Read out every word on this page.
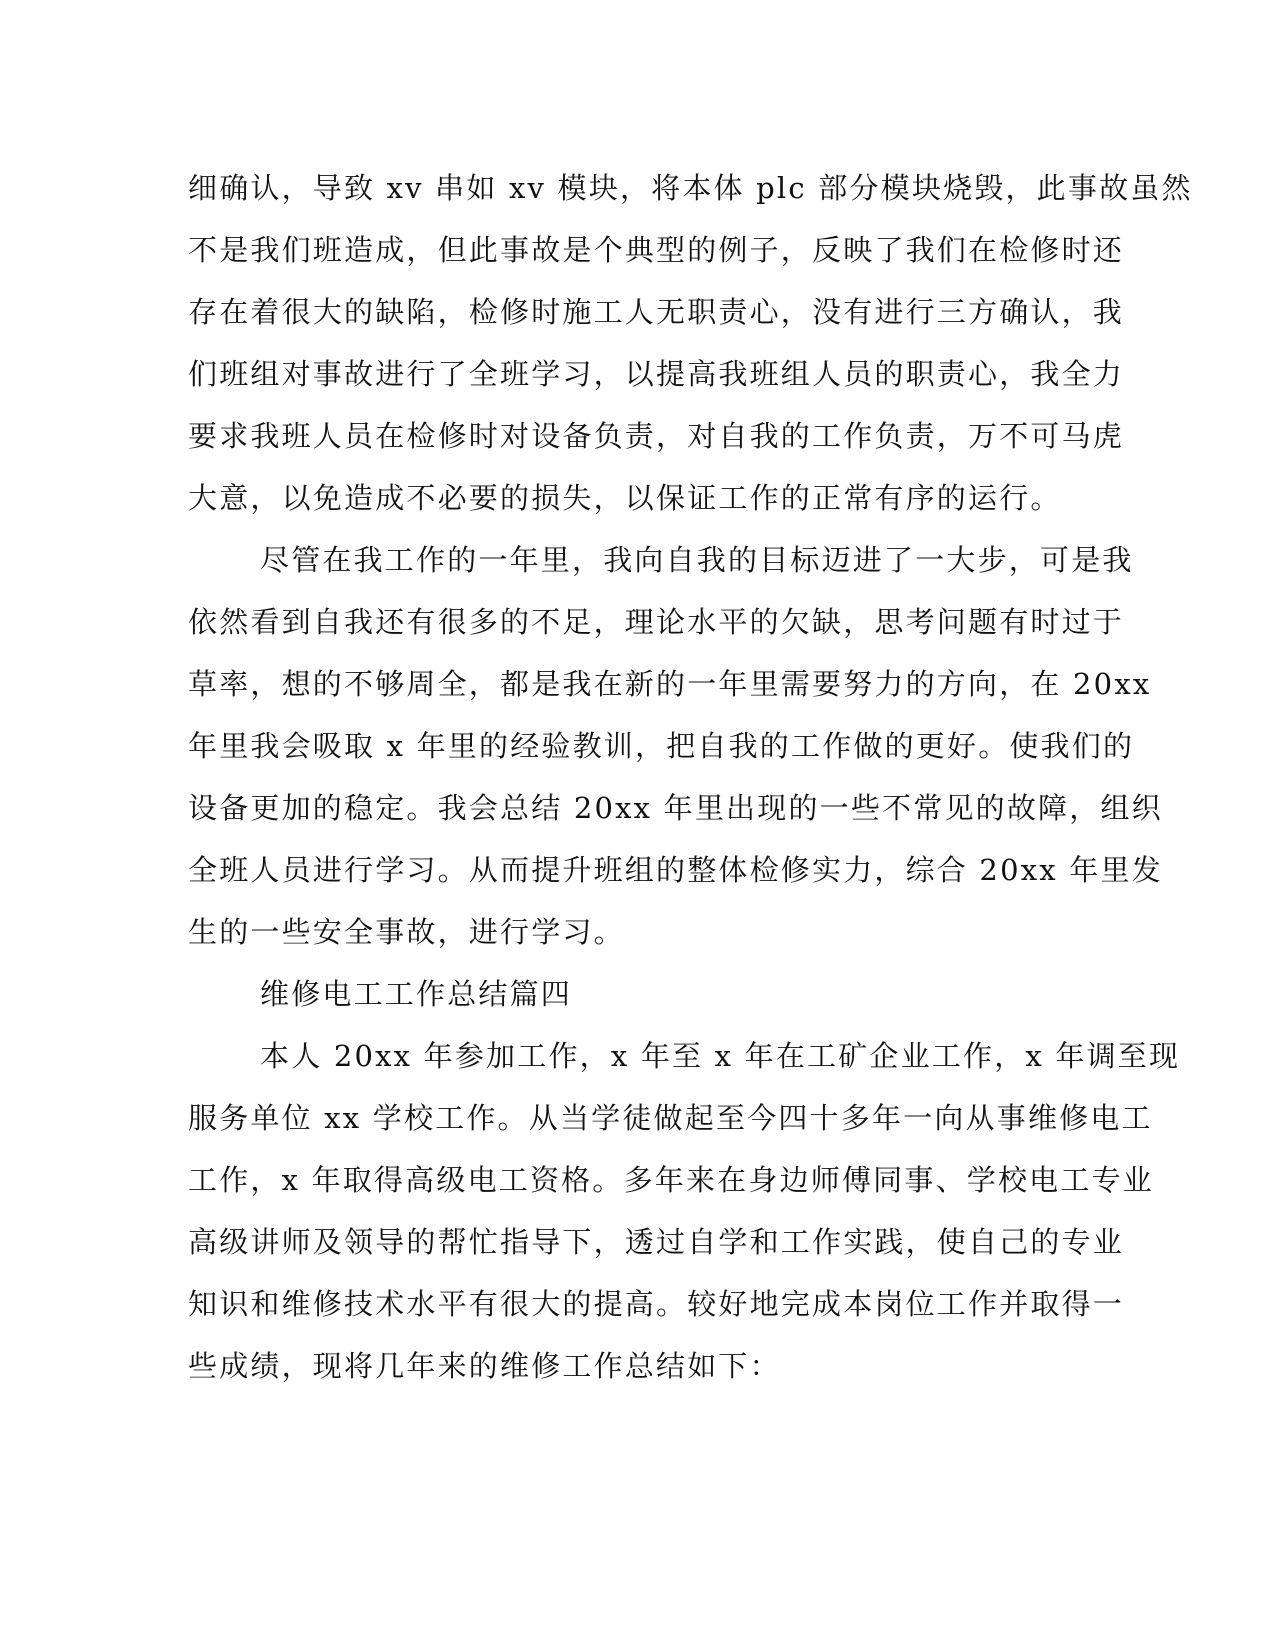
细确认，导致 xv 串如 xv 模块，将本体 plc 部分模块烧毁，此事故虽然
不是我们班造成，但此事故是个典型的例子，反映了我们在检修时还
存在着很大的缺陷，检修时施工人无职责心，没有进行三方确认，我
们班组对事故进行了全班学习，以提高我班组人员的职责心，我全力
要求我班人员在检修时对设备负责，对自我的工作负责，万不可马虎
大意，以免造成不必要的损失，以保证工作的正常有序的运行。
尽管在我工作的一年里，我向自我的目标迈进了一大步，可是我
依然看到自我还有很多的不足，理论水平的欠缺，思考问题有时过于
草率，想的不够周全，都是我在新的一年里需要努力的方向，在 20xx
年里我会吸取 x 年里的经验教训，把自我的工作做的更好。使我们的
设备更加的稳定。我会总结 20xx 年里出现的一些不常见的故障，组织
全班人员进行学习。从而提升班组的整体检修实力，综合 20xx 年里发
生的一些安全事故，进行学习。
维修电工工作总结篇四
本人 20xx 年参加工作，x 年至 x 年在工矿企业工作，x 年调至现
服务单位 xx 学校工作。从当学徒做起至今四十多年一向从事维修电工
工作，x 年取得高级电工资格。多年来在身边师傅同事、学校电工专业
高级讲师及领导的帮忙指导下，透过自学和工作实践，使自己的专业
知识和维修技术水平有很大的提高。较好地完成本岗位工作并取得一
些成绩，现将几年来的维修工作总结如下：
